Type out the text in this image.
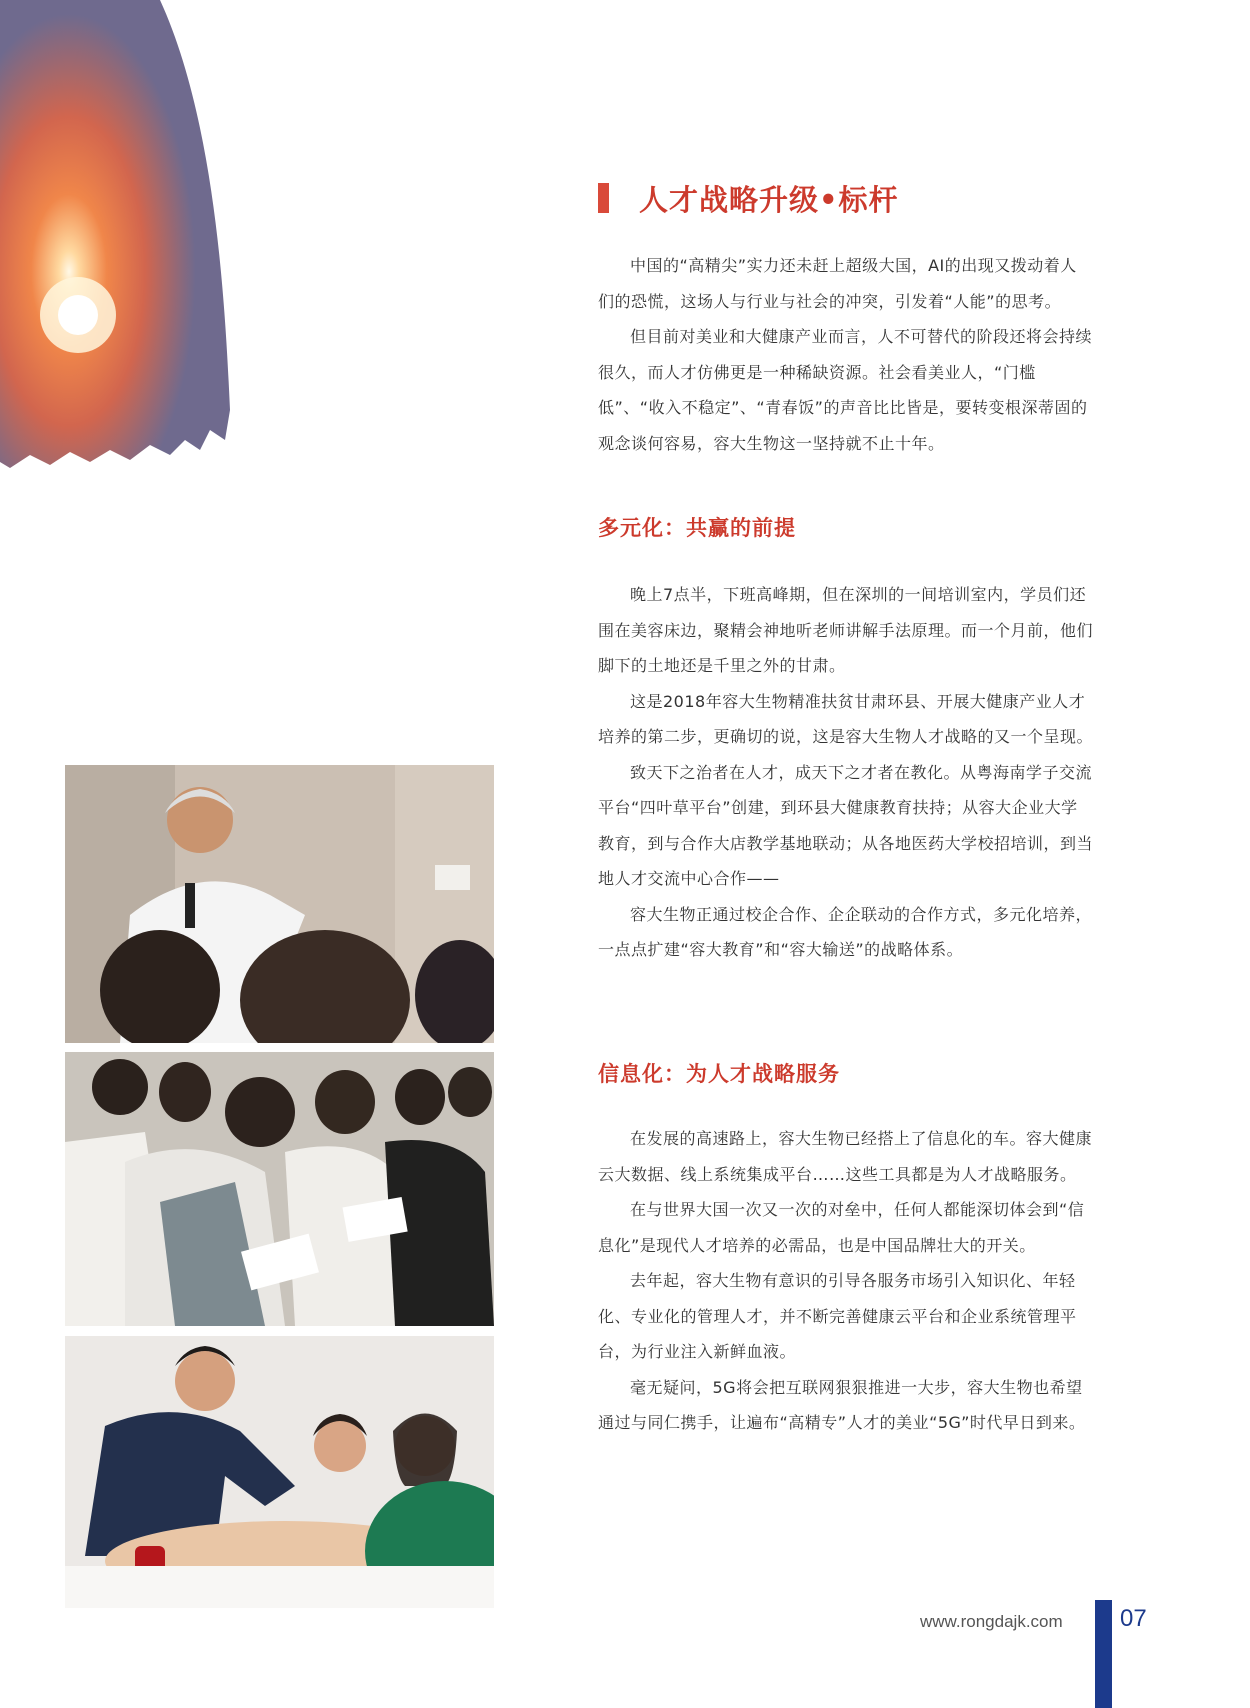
人才战略升级•标杆

中国的“高精尖”实力还未赶上超级大国，AI的出现又拨动着人们的恐慌，这场人与行业与社会的冲突，引发着“人能”的思考。

但目前对美业和大健康产业而言，人不可替代的阶段还将会持续很久，而人才仿佛更是一种稀缺资源。社会看美业人，“门槛低”、“收入不稳定”、“青春饭”的声音比比皆是，要转变根深蒂固的观念谈何容易，容大生物这一坚持就不止十年。

多元化：共赢的前提

晚上7点半，下班高峰期，但在深圳的一间培训室内，学员们还围在美容床边，聚精会神地听老师讲解手法原理。而一个月前，他们脚下的土地还是千里之外的甘肃。

这是2018年容大生物精准扶贫甘肃环县、开展大健康产业人才培养的第二步，更确切的说，这是容大生物人才战略的又一个呈现。

致天下之治者在人才，成天下之才者在教化。从粤海南学子交流平台“四叶草平台”创建，到环县大健康教育扶持；从容大企业大学教育，到与合作大店教学基地联动；从各地医药大学校招培训，到当地人才交流中心合作——

容大生物正通过校企合作、企企联动的合作方式，多元化培养，一点点扩建“容大教育”和“容大输送”的战略体系。

信息化：为人才战略服务

在发展的高速路上，容大生物已经搭上了信息化的车。容大健康云大数据、线上系统集成平台……这些工具都是为人才战略服务。

在与世界大国一次又一次的对垒中，任何人都能深切体会到“信息化”是现代人才培养的必需品，也是中国品牌壮大的开关。

去年起，容大生物有意识的引导各服务市场引入知识化、年轻化、专业化的管理人才，并不断完善健康云平台和企业系统管理平台，为行业注入新鲜血液。

毫无疑问，5G将会把互联网狠狠推进一大步，容大生物也希望通过与同仁携手，让遍布“高精专”人才的美业“5G”时代早日到来。

www.rongdajk.com 07
